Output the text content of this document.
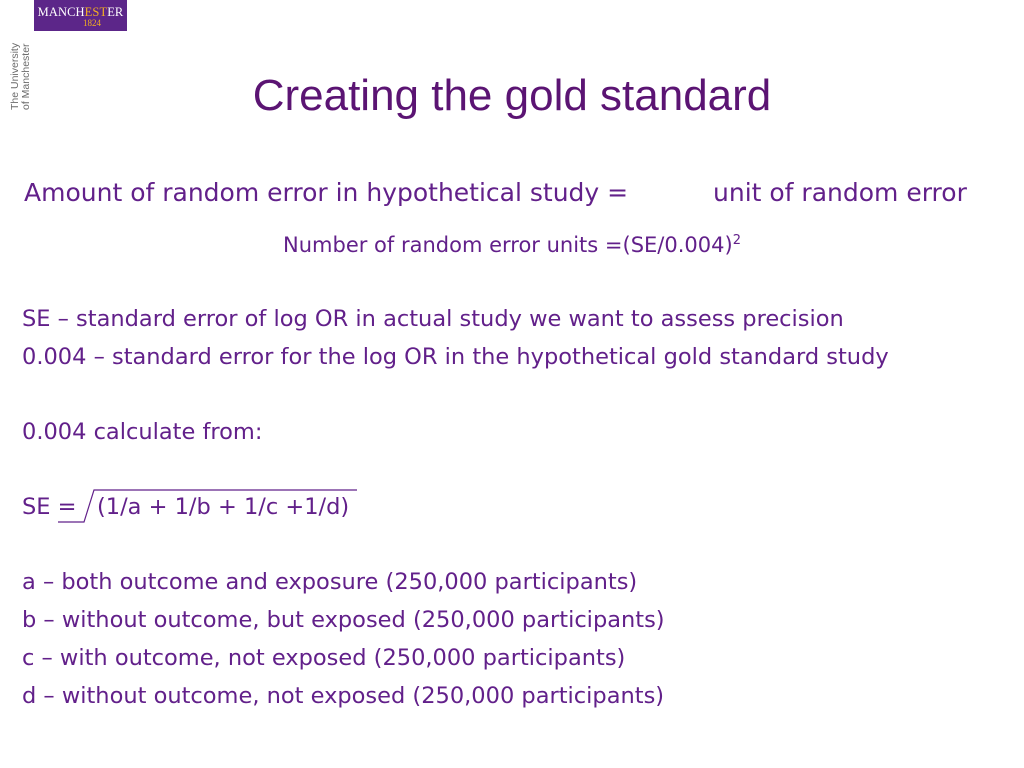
MANCHESTER
1824
The University of Manchester	Creating the gold standard
Amount of random error in hypothetical study =	unit of random error
Number of random error units $=(SE/0.004)^2$
SE – standard error of log OR in actual study we want to assess precision
0.004 – standard error for the log OR in the hypothetical gold standard study
0.004 calculate from:
SE = (1/a + 1/b + 1/c +1/d)
a – both outcome and exposure (250,000 participants)
b – without outcome, but exposed (250,000 participants)
c – with outcome, not exposed (250,000 participants)
d – without outcome, not exposed (250,000 participants)
